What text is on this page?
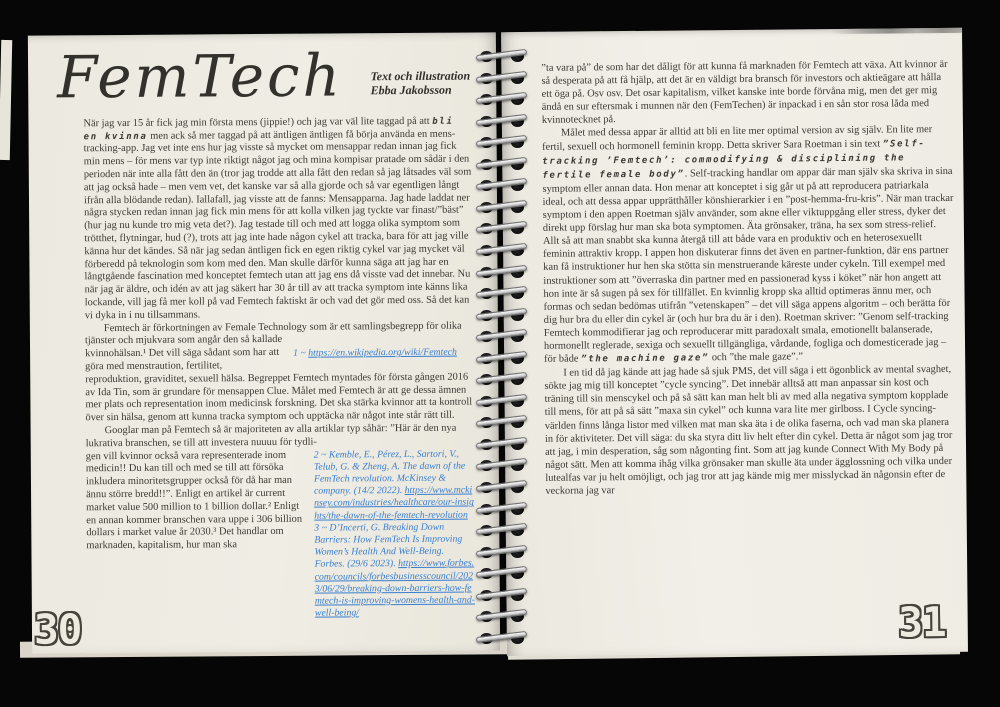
FemTech Text och illustration
Ebba Jakobsson

När jag var 15 år fick jag min första mens (jippie!) och jag var väl lite taggad på att bli en kvinna men ack så mer taggad på att äntligen äntligen få börja använda en mens-tracking-app. Jag vet inte ens hur jag visste så mycket om mensappar redan innan jag fick min mens – för mens var typ inte riktigt något jag och mina kompisar pratade om sådär i den perioden när inte alla fått den än (tror jag trodde att alla fått den redan så jag låtsades väl som att jag också hade – men vem vet, det kanske var så alla gjorde och så var egentligen långt ifrån alla blödande redan). Iallafall, jag visste att de fanns: Mensapparna. Jag hade laddat ner några stycken redan innan jag fick min mens för att kolla vilken jag tyckte var finast/”bäst” (hur jag nu kunde tro mig veta det?). Jag testade till och med att logga olika symptom som trötthet, flytningar, hud (?), trots att jag inte hade någon cykel att tracka, bara för att jag ville känna hur det kändes. Så när jag sedan äntligen fick en egen riktig cykel var jag mycket väl förberedd på teknologin som kom med den. Man skulle därför kunna säga att jag har en långtgående fascination med konceptet femtech utan att jag ens då visste vad det innebar. Nu när jag är äldre, och idén av att jag säkert har 30 år till av att tracka symptom inte känns lika lockande, vill jag få mer koll på vad Femtech faktiskt är och vad det gör med oss. Så det kan vi dyka in i nu tillsammans.

Femtech är förkortningen av Female Technology som är ett samlingsbegrepp för olika tjänster och mjukvara som angår den så kallade

kvinnohälsan.¹ Det vill säga sådant som har att göra med menstraution, fertilitet,

1 ~ https://en.wikipedia.org/wiki/Femtech

reproduktion, graviditet, sexuell hälsa. Begreppet Femtech myntades för första gången 2016 av Ida Tin, som är grundare för mensappen Clue. Målet med Femtech är att ge dessa ämnen mer plats och representation inom medicinsk forskning. Det ska stärka kvinnor att ta kontroll över sin hälsa, genom att kunna tracka symptom och upptäcka när något inte står rätt till.

Googlar man på Femtech så är majoriteten av alla artiklar typ såhär: ”Här är den nya lukrativa branschen, se till att investera nuuuu för tydli-

gen vill kvinnor också vara representerade inom medicin!! Du kan till och med se till att försöka inkludera minoritetsgrupper också för då har man ännu större bredd!!”. Enligt en artikel är current market value 500 million to 1 billion dollar.² Enligt en annan kommer branschen vara uppe i 306 billion dollars i market value år 2030.³ Det handlar om marknaden, kapitalism, hur man ska

2 ~ Kemble, E., Pérez, L., Sartori, V., Telub, G. & Zheng, A. The dawn of the FemTech revolution. McKinsey & company. (14/2 2022). https://www.mckinsey.com/industries/healthcare/our-insights/the-dawn-of-the-femtech-revolution

3 ~ D’Incerti, G. Breaking Down Barriers: How FemTech Is Improving Women’s Health And Well-Being. Forbes. (29/6 2023). https://www.forbes.com/councils/forbesbusinesscouncil/2023/06/29/breaking-down-barriers-how-femtech-is-improving-womens-health-and-well-being/

30

”ta vara på” de som har det dåligt för att kunna få marknaden för Femtech att växa. Att kvinnor är så desperata på att få hjälp, att det är en väldigt bra bransch för investors och aktieägare att hålla ett öga på. Osv osv. Det osar kapitalism, vilket kanske inte borde förvåna mig, men det ger mig ändå en sur eftersmak i munnen när den (FemTechen) är inpackad i en sån stor rosa låda med kvinnotecknet på.

Målet med dessa appar är alltid att bli en lite mer optimal version av sig själv. En lite mer fertil, sexuell och hormonell feminin kropp. Detta skriver Sara Roetman i sin text ”Self-tracking ’Femtech’: commodifying & disciplining the fertile female body”. Self-tracking handlar om appar där man själv ska skriva in sina symptom eller annan data. Hon menar att konceptet i sig går ut på att reproducera patriarkala ideal, och att dessa appar upprätthåller könshierarkier i en ”post-hemma-fru-kris”. När man trackar symptom i den appen Roetman själv använder, som akne eller viktuppgång eller stress, dyker det direkt upp förslag hur man ska bota symptomen. Äta grönsaker, träna, ha sex som stress-relief. Allt så att man snabbt ska kunna återgå till att både vara en produktiv och en heterosexuellt feminin attraktiv kropp. I appen hon diskuterar finns det även en partner-funktion, där ens partner kan få instruktioner hur hen ska stötta sin menstruerande käreste under cykeln. Till exempel med instruktioner som att ”överraska din partner med en passionerad kyss i köket” när hon angett att hon inte är så sugen på sex för tillfället. En kvinnlig kropp ska alltid optimeras ännu mer, och formas och sedan bedömas utifrån ”vetenskapen” – det vill säga appens algoritm – och berätta för dig hur bra du eller din cykel är (och hur bra du är i den). Roetman skriver: ”Genom self-tracking Femtech kommodifierar jag och reproducerar mitt paradoxalt smala, emotionellt balanserade, hormonellt reglerade, sexiga och sexuellt tillgängliga, vårdande, fogliga och domesticerade jag – för både ”the machine gaze” och ”the male gaze”.”

I en tid då jag kände att jag hade så sjuk PMS, det vill säga i ett ögonblick av mental svaghet, sökte jag mig till konceptet ”cycle syncing”. Det innebär alltså att man anpassar sin kost och träning till sin menscykel och på så sätt kan man helt bli av med alla negativa symptom kopplade till mens, för att på så sätt ”maxa sin cykel” och kunna vara lite mer girlboss. I Cycle syncing-världen finns långa listor med vilken mat man ska äta i de olika faserna, och vad man ska planera in för aktiviteter. Det vill säga: du ska styra ditt liv helt efter din cykel. Detta är något som jag tror att jag, i min desperation, såg som någonting fint. Som att jag kunde Connect With My Body på något sätt. Men att komma ihåg vilka grönsaker man skulle äta under ägglossning och vilka under lutealfas var ju helt omöjligt, och jag tror att jag kände mig mer misslyckad än någonsin efter de veckorna jag var

31
